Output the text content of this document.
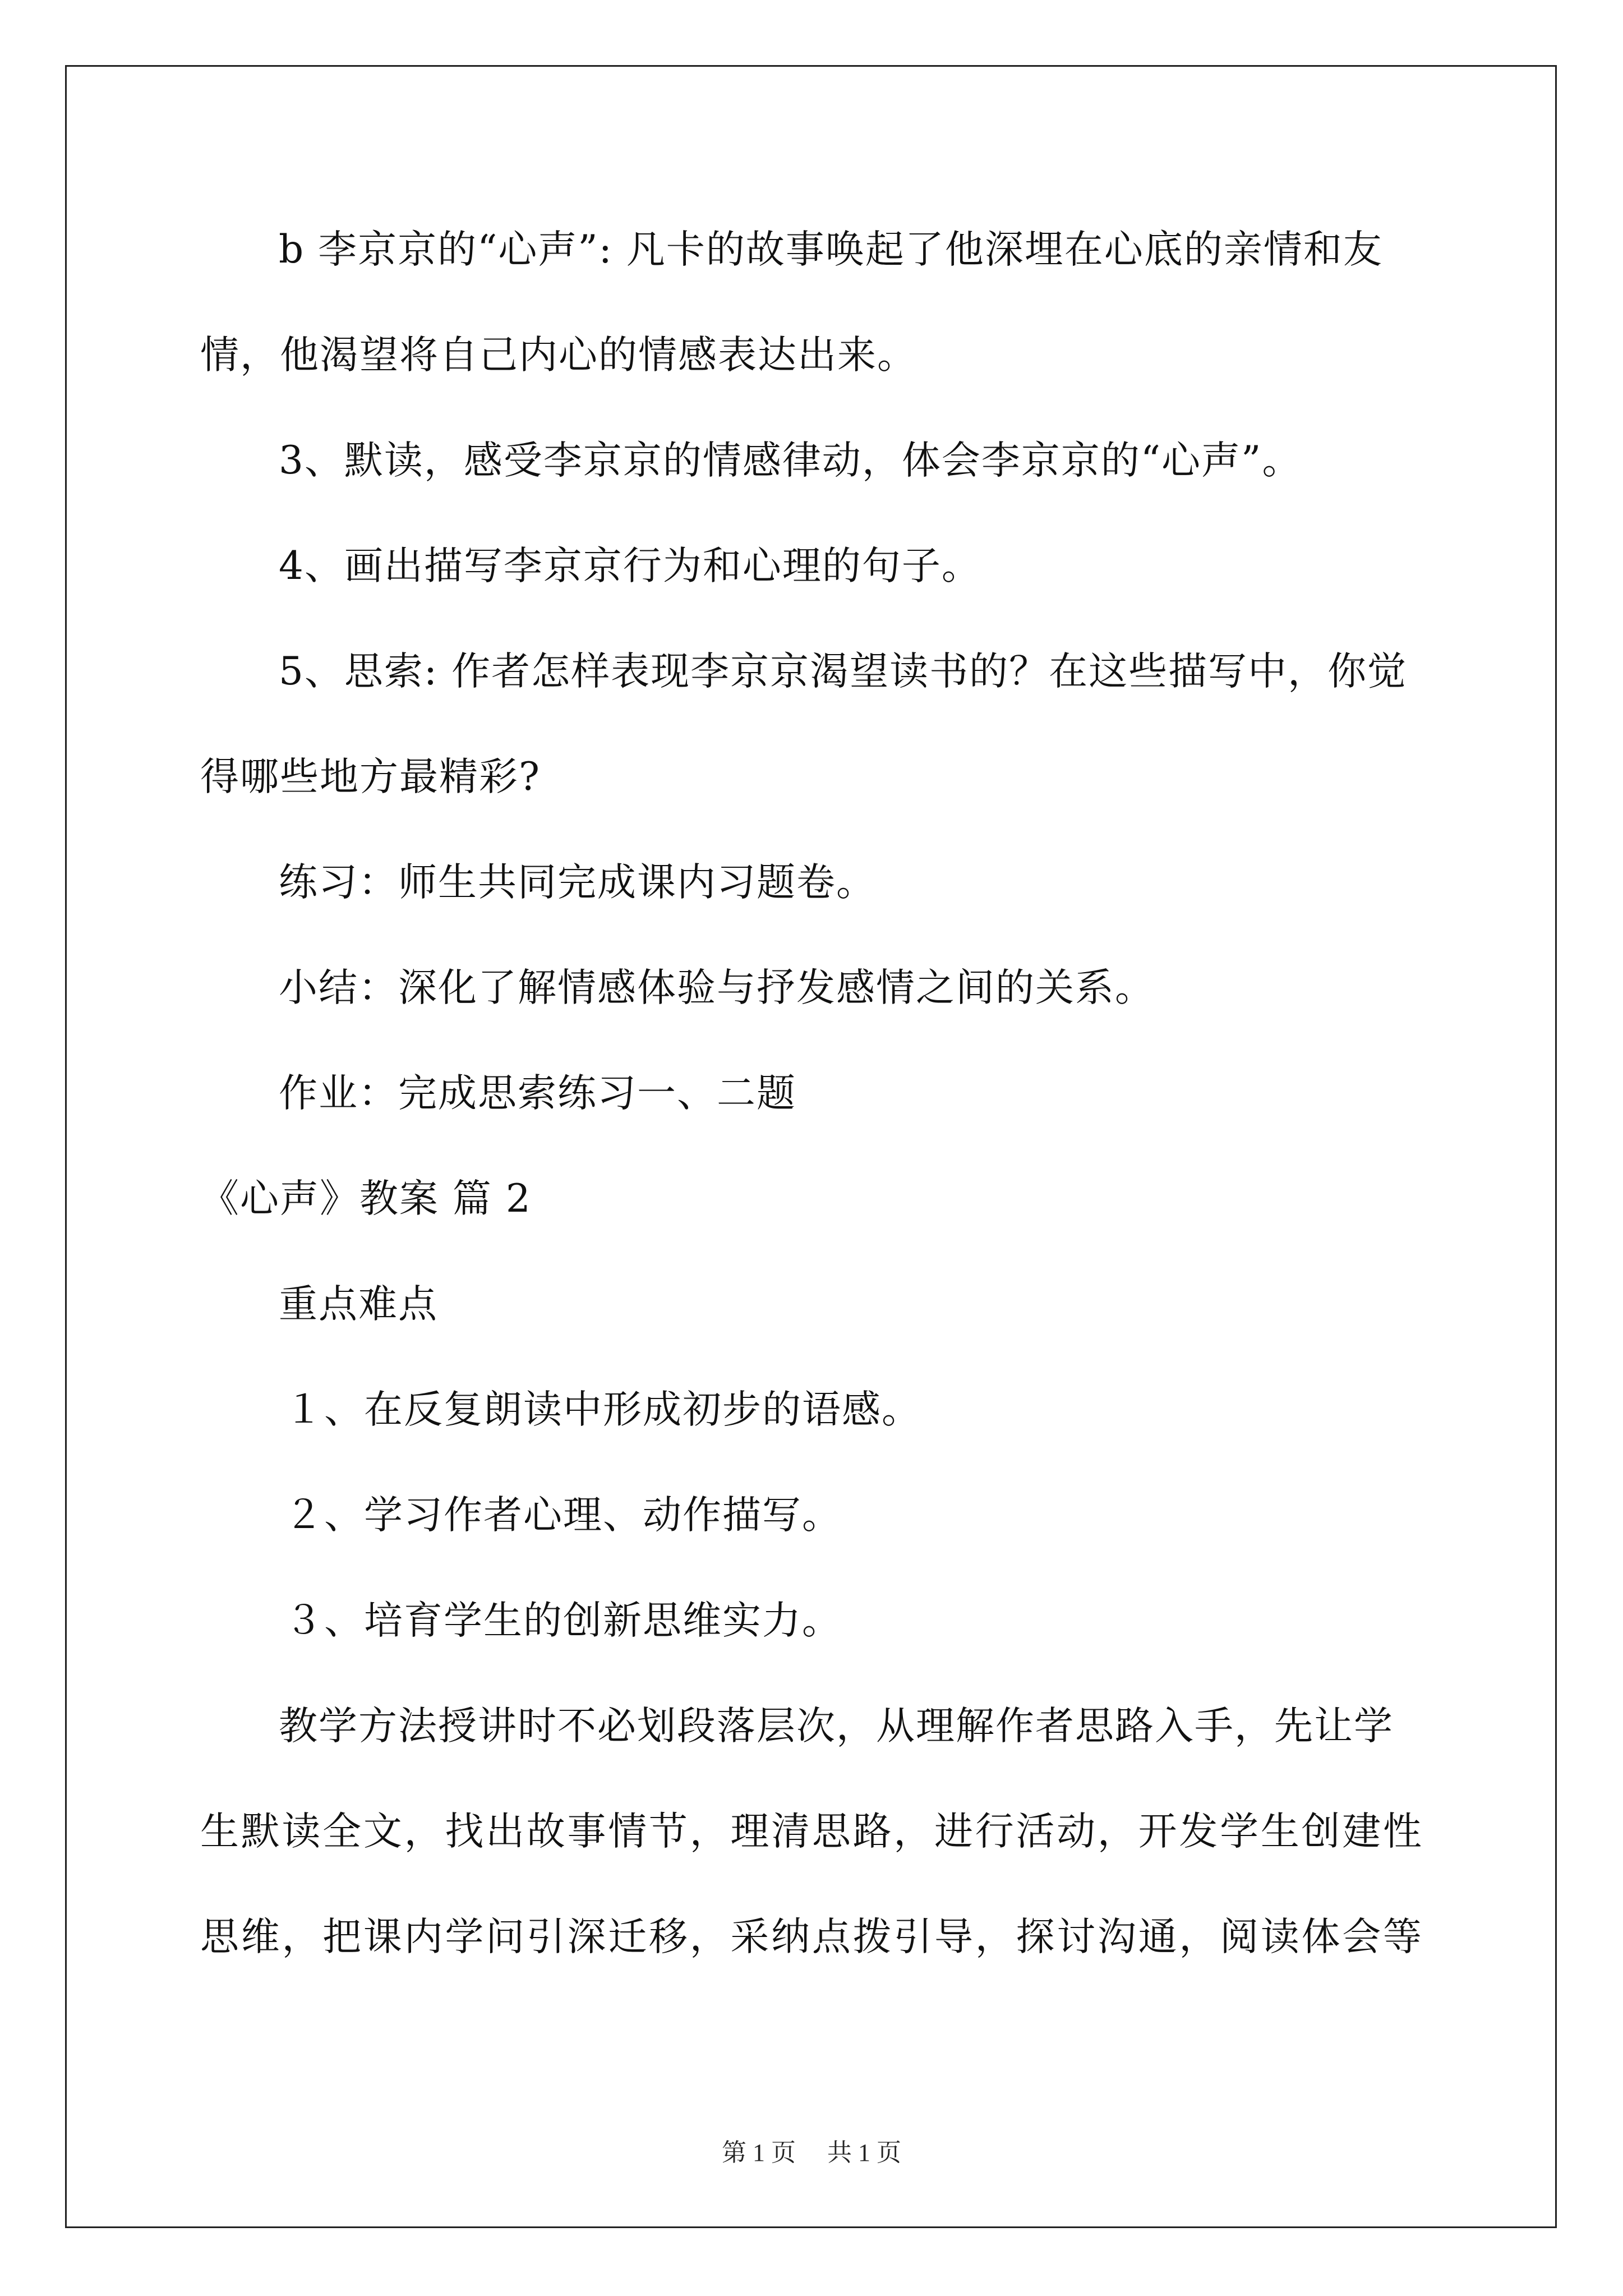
b 李京京的“心声”: 凡卡的故事唤起了他深埋在心底的亲情和友
情，他渴望将自己内心的情感表达出来。
3、默读，感受李京京的情感律动，体会李京京的“心声”。
4、画出描写李京京行为和心理的句子。
5、思索: 作者怎样表现李京京渴望读书的？在这些描写中，你觉
得哪些地方最精彩?
练习：师生共同完成课内习题卷。
小结：深化了解情感体验与抒发感情之间的关系。
作业：完成思索练习一、二题
《心声》教案 篇 2
重点难点
１、在反复朗读中形成初步的语感。
２、学习作者心理、动作描写。
３、培育学生的创新思维实力。
教学方法授讲时不必划段落层次，从理解作者思路入手，先让学
生默读全文，找出故事情节，理清思路，进行活动，开发学生创建性
思维，把课内学问引深迁移，采纳点拨引导，探讨沟通，阅读体会等
第 1 页 共 1 页
